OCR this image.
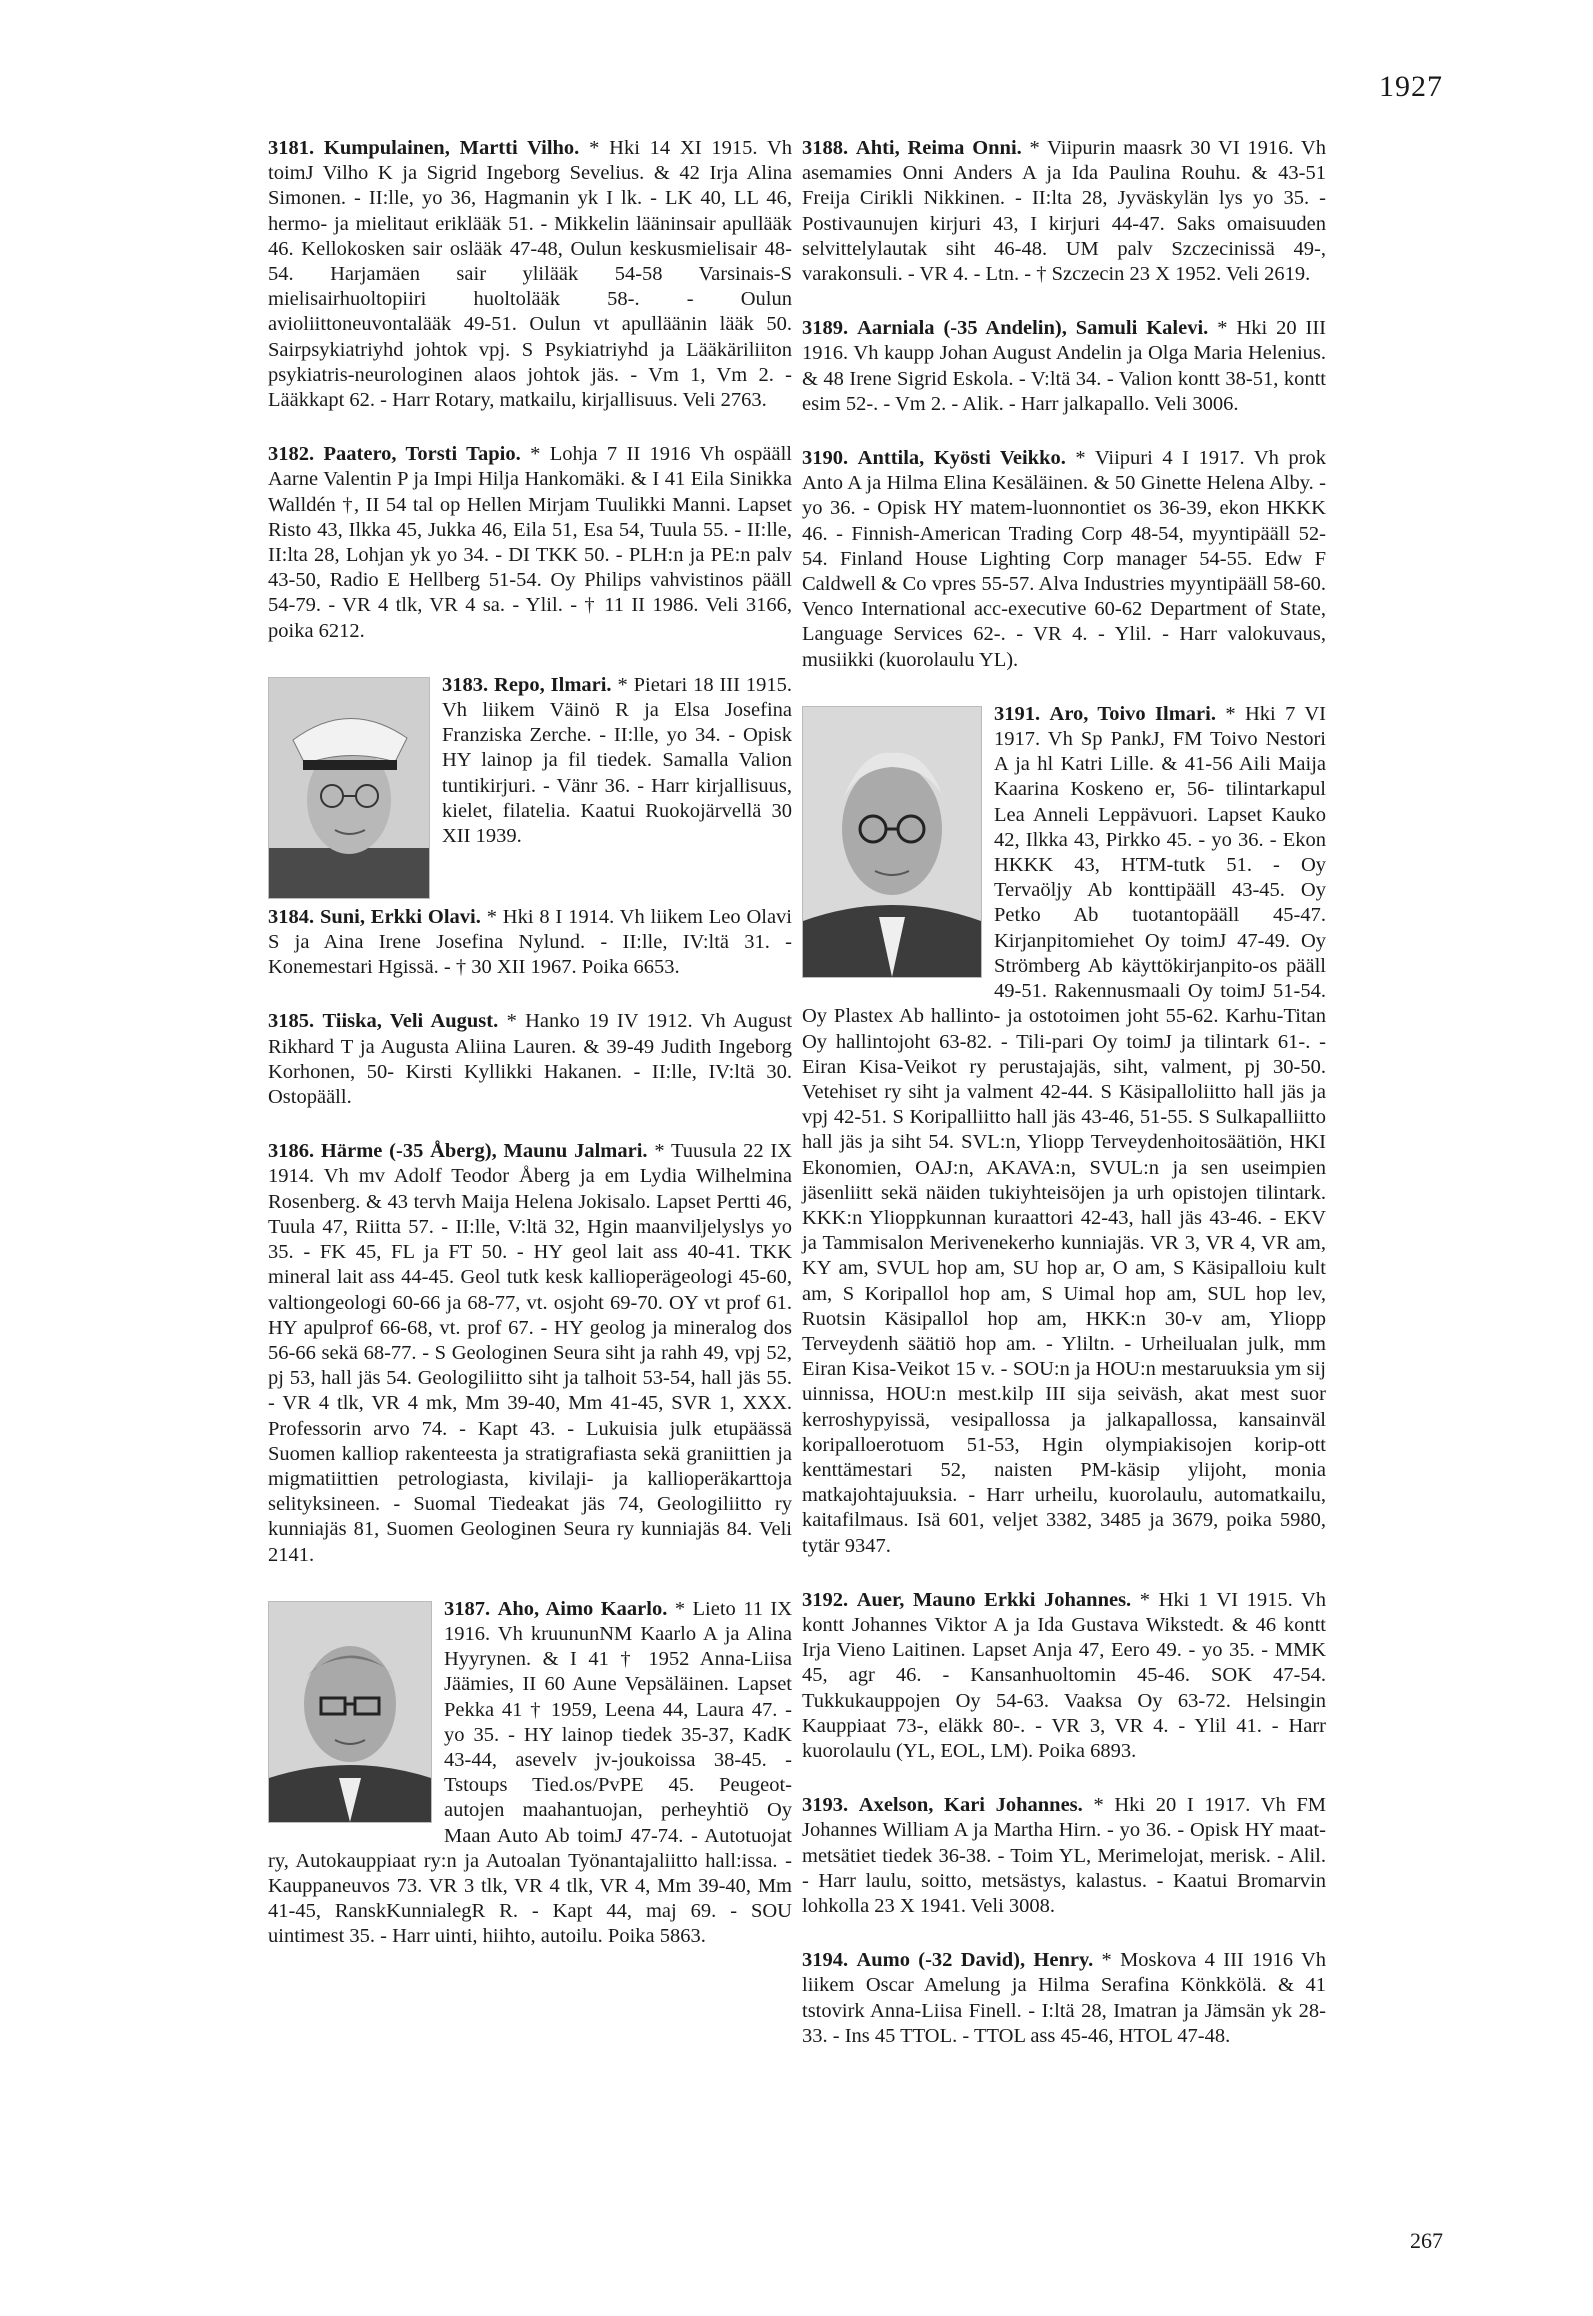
1927
3181. Kumpulainen, Martti Vilho. * Hki 14 XI 1915. Vh toimJ Vilho K ja Sigrid Ingeborg Sevelius. & 42 Irja Alina Simonen. - II:lle, yo 36, Hagmanin yk I lk. - LK 40, LL 46, hermo- ja mielitaut eriklääk 51. - Mikkelin lääninsair apullääk 46. Kellokosken sair oslääk 47-48, Oulun keskusmielisair 48-54. Harjamäen sair ylilääk 54-58 Varsinais-S mielisairhuoltopiiri huoltolääk 58-. - Oulun avioliittoneuvontalääk 49-51. Oulun vt apulläänin lääk 50. Sairpsykiatriyhd johtok vpj. S Psykiatriyhd ja Lääkäriliiton psykiatris-neurologinen alaos johtok jäs. - Vm 1, Vm 2. - Lääkkapt 62. - Harr Rotary, matkailu, kirjallisuus. Veli 2763.
3182. Paatero, Torsti Tapio. * Lohja 7 II 1916 Vh ospääll Aarne Valentin P ja Impi Hilja Hankomäki. & I 41 Eila Sinikka Walldén †, II 54 tal op Hellen Mirjam Tuulikki Manni. Lapset Risto 43, Ilkka 45, Jukka 46, Eila 51, Esa 54, Tuula 55. - II:lle, II:lta 28, Lohjan yk yo 34. - DI TKK 50. - PLH:n ja PE:n palv 43-50, Radio E Hellberg 51-54. Oy Philips vahvistinos pääll 54-79. - VR 4 tlk, VR 4 sa. - Ylil. - † 11 II 1986. Veli 3166, poika 6212.
3183. Repo, Ilmari. * Pietari 18 III 1915. Vh liikem Väinö R ja Elsa Josefina Franziska Zerche. - II:lle, yo 34. - Opisk HY lainop ja fil tiedek. Samalla Valion tuntikirjuri. - Vänr 36. - Harr kirjallisuus, kielet, filatelia. Kaatui Ruokojärvellä 30 XII 1939.
3184. Suni, Erkki Olavi. * Hki 8 I 1914. Vh liikem Leo Olavi S ja Aina Irene Josefina Nylund. - II:lle, IV:ltä 31. - Konemestari Hgissä. - † 30 XII 1967. Poika 6653.
3185. Tiiska, Veli August. * Hanko 19 IV 1912. Vh August Rikhard T ja Augusta Aliina Lauren. & 39-49 Judith Ingeborg Korhonen, 50- Kirsti Kyllikki Hakanen. - II:lle, IV:ltä 30. Ostopääll.
3186. Härme (-35 Åberg), Maunu Jalmari. * Tuusula 22 IX 1914. Vh mv Adolf Teodor Åberg ja em Lydia Wilhelmina Rosenberg. & 43 tervh Maija Helena Jokisalo. Lapset Pertti 46, Tuula 47, Riitta 57. - II:lle, V:ltä 32, Hgin maanviljelyslys yo 35. - FK 45, FL ja FT 50. - HY geol lait ass 40-41. TKK mineral lait ass 44-45. Geol tutk kesk kallioperägeologi 45-60, valtiongeologi 60-66 ja 68-77, vt. osjoht 69-70. OY vt prof 61. HY apulprof 66-68, vt. prof 67. - HY geolog ja mineralog dos 56-66 sekä 68-77. - S Geologinen Seura siht ja rahh 49, vpj 52, pj 53, hall jäs 54. Geologiliitto siht ja talhoit 53-54, hall jäs 55. - VR 4 tlk, VR 4 mk, Mm 39-40, Mm 41-45, SVR 1, XXX. Professorin arvo 74. - Kapt 43. - Lukuisia julk etupäässä Suomen kalliop rakenteesta ja stratigrafiasta sekä graniittien ja migmatiittien petrologiasta, kivilaji- ja kallioperäkarttoja selityksineen. - Suomal Tiedeakat jäs 74, Geologiliitto ry kunniajäs 81, Suomen Geologinen Seura ry kunniajäs 84. Veli 2141.
3187. Aho, Aimo Kaarlo. * Lieto 11 IX 1916. Vh kruununNM Kaarlo A ja Alina Hyyrynen. & I 41 † 1952 Anna-Liisa Jäämies, II 60 Aune Vepsäläinen. Lapset Pekka 41 † 1959, Leena 44, Laura 47. - yo 35. - HY lainop tiedek 35-37, KadK 43-44, asevelv jv-joukoissa 38-45. - Tstoups Tied.os/PvPE 45. Peugeot-autojen maahantuojan, perheyhtiö Oy Maan Auto Ab toimJ 47-74. - Autotuojat ry, Autokauppiaat ry:n ja Autoalan Työnantajaliitto hall:issa. - Kauppaneuvos 73. VR 3 tlk, VR 4 tlk, VR 4, Mm 39-40, Mm 41-45, RanskKunnialegR R. - Kapt 44, maj 69. - SOU uintimest 35. - Harr uinti, hiihto, autoilu. Poika 5863.
3188. Ahti, Reima Onni. * Viipurin maasrk 30 VI 1916. Vh asemamies Onni Anders A ja Ida Paulina Rouhu. & 43-51 Freija Cirikli Nikkinen. - II:lta 28, Jyväskylän lys yo 35. - Postivaunujen kirjuri 43, I kirjuri 44-47. Saks omaisuuden selvittelylautak siht 46-48. UM palv Szczecinissä 49-, varakonsuli. - VR 4. - Ltn. - † Szczecin 23 X 1952. Veli 2619.
3189. Aarniala (-35 Andelin), Samuli Kalevi. * Hki 20 III 1916. Vh kaupp Johan August Andelin ja Olga Maria Helenius. & 48 Irene Sigrid Eskola. - V:ltä 34. - Valion kontt 38-51, kontt esim 52-. - Vm 2. - Alik. - Harr jalkapallo. Veli 3006.
3190. Anttila, Kyösti Veikko. * Viipuri 4 I 1917. Vh prok Anto A ja Hilma Elina Kesäläinen. & 50 Ginette Helena Alby. - yo 36. - Opisk HY matem-luonnontiet os 36-39, ekon HKKK 46. - Finnish-American Trading Corp 48-54, myyntipääll 52- 54. Finland House Lighting Corp manager 54-55. Edw F Caldwell & Co vpres 55-57. Alva Industries myyntipääll 58-60. Venco International acc-executive 60-62 Department of State, Language Services 62-. - VR 4. - Ylil. - Harr valokuvaus, musiikki (kuorolaulu YL).
3191. Aro, Toivo Ilmari. * Hki 7 VI 1917. Vh Sp PankJ, FM Toivo Nestori A ja hl Katri Lille. & 41-56 Aili Maija Kaarina Koskeno er, 56- tilintarkapul Lea Anneli Leppävuori. Lapset Kauko 42, Ilkka 43, Pirkko 45. - yo 36. - Ekon HKKK 43, HTM-tutk 51. - Oy Tervaöljy Ab konttipääll 43-45. Oy Petko Ab tuotantopääll 45-47. Kirjanpitomiehet Oy toimJ 47-49. Oy Strömberg Ab käyttökirjanpito-os pääll 49-51. Rakennusmaali Oy toimJ 51-54. Oy Plastex Ab hallinto- ja ostotoimen joht 55-62. Karhu-Titan Oy hallintojoht 63-82. - Tili-pari Oy toimJ ja tilintark 61-. - Eiran Kisa-Veikot ry perustajajäs, siht, valment, pj 30-50. Vetehiset ry siht ja valment 42-44. S Käsipalloliitto hall jäs ja vpj 42-51. S Koripalliitto hall jäs 43-46, 51-55. S Sulkapalliitto hall jäs ja siht 54. SVL:n, Yliopp Terveydenhoitosäätiön, HKI Ekonomien, OAJ:n, AKAVA:n, SVUL:n ja sen useimpien jäsenliitt sekä näiden tukiyhteisöjen ja urh opistojen tilintark. KKK:n Ylioppkunnan kuraattori 42-43, hall jäs 43-46. - EKV ja Tammisalon Merivenekerho kunniajäs. VR 3, VR 4, VR am, KY am, SVUL hop am, SU hop ar, O am, S Käsipalloiu kult am, S Koripallol hop am, S Uimal hop am, SUL hop lev, Ruotsin Käsipallol hop am, HKK:n 30-v am, Yliopp Terveydenh säätiö hop am. - Yliltn. - Urheilualan julk, mm Eiran Kisa-Veikot 15 v. - SOU:n ja HOU:n mestaruuksia ym sij uinnissa, HOU:n mest.kilp III sija seiväsh, akat mest suor kerroshypyissä, vesipallossa ja jalkapallossa, kansainväl koripalloerotuom 51-53, Hgin olympiakisojen korip-ott kenttämestari 52, naisten PM-käsip ylijoht, monia matkajohtajuuksia. - Harr urheilu, kuorolaulu, automatkailu, kaitafilmaus. Isä 601, veljet 3382, 3485 ja 3679, poika 5980, tytär 9347.
3192. Auer, Mauno Erkki Johannes. * Hki 1 VI 1915. Vh kontt Johannes Viktor A ja Ida Gustava Wikstedt. & 46 kontt Irja Vieno Laitinen. Lapset Anja 47, Eero 49. - yo 35. - MMK 45, agr 46. - Kansanhuoltomin 45-46. SOK 47-54. Tukkukauppojen Oy 54-63. Vaaksa Oy 63-72. Helsingin Kauppiaat 73-, eläkk 80-. - VR 3, VR 4. - Ylil 41. - Harr kuorolaulu (YL, EOL, LM). Poika 6893.
3193. Axelson, Kari Johannes. * Hki 20 I 1917. Vh FM Johannes William A ja Martha Hirn. - yo 36. - Opisk HY maat-metsätiet tiedek 36-38. - Toim YL, Merimelojat, merisk. - Alil. - Harr laulu, soitto, metsästys, kalastus. - Kaatui Bromarvin lohkolla 23 X 1941. Veli 3008.
3194. Aumo (-32 David), Henry. * Moskova 4 III 1916 Vh liikem Oscar Amelung ja Hilma Serafina Könkkölä. & 41 tstovirk Anna-Liisa Finell. - I:ltä 28, Imatran ja Jämsän yk 28-33. - Ins 45 TTOL. - TTOL ass 45-46, HTOL 47-48.
267
